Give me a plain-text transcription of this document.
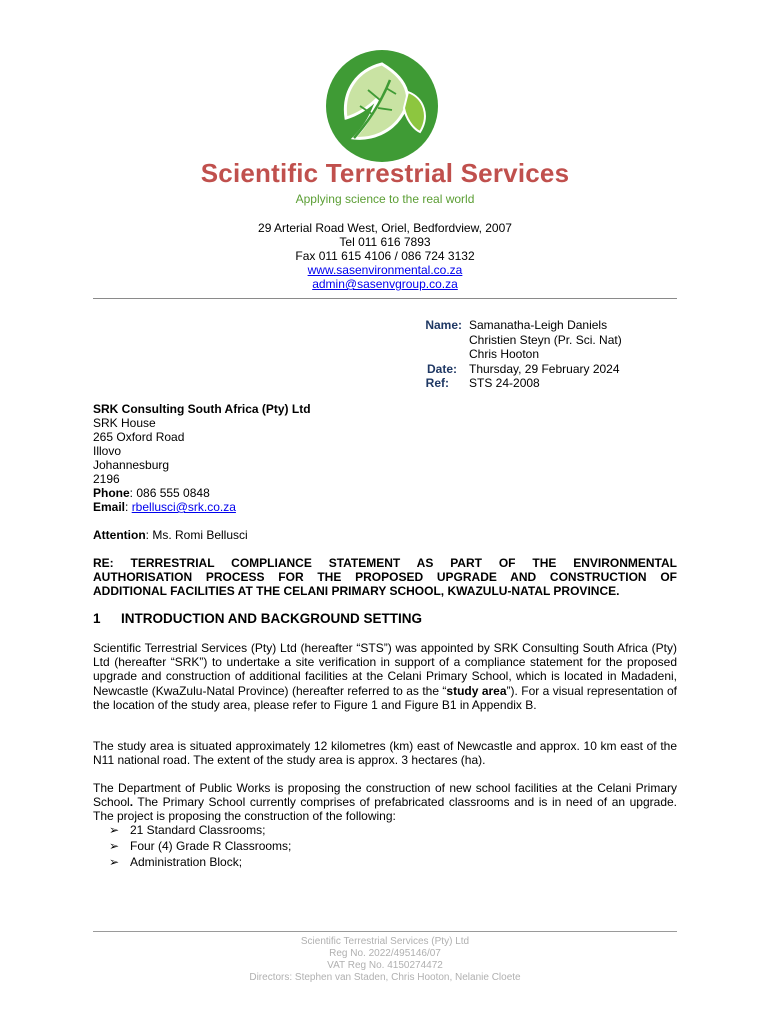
Scientific Terrestrial Services
Applying science to the real world
29 Arterial Road West, Oriel, Bedfordview, 2007
Tel 011 616 7893
Fax 011 615 4106 / 086 724 3132
www.sasenvironmental.co.za
admin@sasenvgroup.co.za
Name: Samanatha-Leigh Daniels
Christien Steyn (Pr. Sci. Nat)
Chris Hooton
Date: Thursday, 29 February 2024
Ref: STS 24-2008
SRK Consulting South Africa (Pty) Ltd
SRK House
265 Oxford Road
Illovo
Johannesburg
2196
Phone: 086 555 0848
Email: rbellusci@srk.co.za
Attention: Ms. Romi Bellusci
RE: TERRESTRIAL COMPLIANCE STATEMENT AS PART OF THE ENVIRONMENTAL
AUTHORISATION PROCESS FOR THE PROPOSED UPGRADE AND CONSTRUCTION OF
ADDITIONAL FACILITIES AT THE CELANI PRIMARY SCHOOL, KWAZULU-NATAL PROVINCE.
1 INTRODUCTION AND BACKGROUND SETTING
Scientific Terrestrial Services (Pty) Ltd (hereafter “STS”) was appointed by SRK Consulting South Africa (Pty) Ltd (hereafter “SRK”) to undertake a site verification in support of a compliance statement for the proposed upgrade and construction of additional facilities at the Celani Primary School, which is located in Madadeni, Newcastle (KwaZulu-Natal Province) (hereafter referred to as the “study area”). For a visual representation of the location of the study area, please refer to Figure 1 and Figure B1 in Appendix B.
The study area is situated approximately 12 kilometres (km) east of Newcastle and approx. 10 km east of the N11 national road. The extent of the study area is approx. 3 hectares (ha).
The Department of Public Works is proposing the construction of new school facilities at the Celani Primary School. The Primary School currently comprises of prefabricated classrooms and is in need of an upgrade. The project is proposing the construction of the following:
➢ 21 Standard Classrooms;
➢ Four (4) Grade R Classrooms;
➢ Administration Block;
Scientific Terrestrial Services (Pty) Ltd
Reg No. 2022/495146/07
VAT Reg No. 4150274472
Directors: Stephen van Staden, Chris Hooton, Nelanie Cloete
